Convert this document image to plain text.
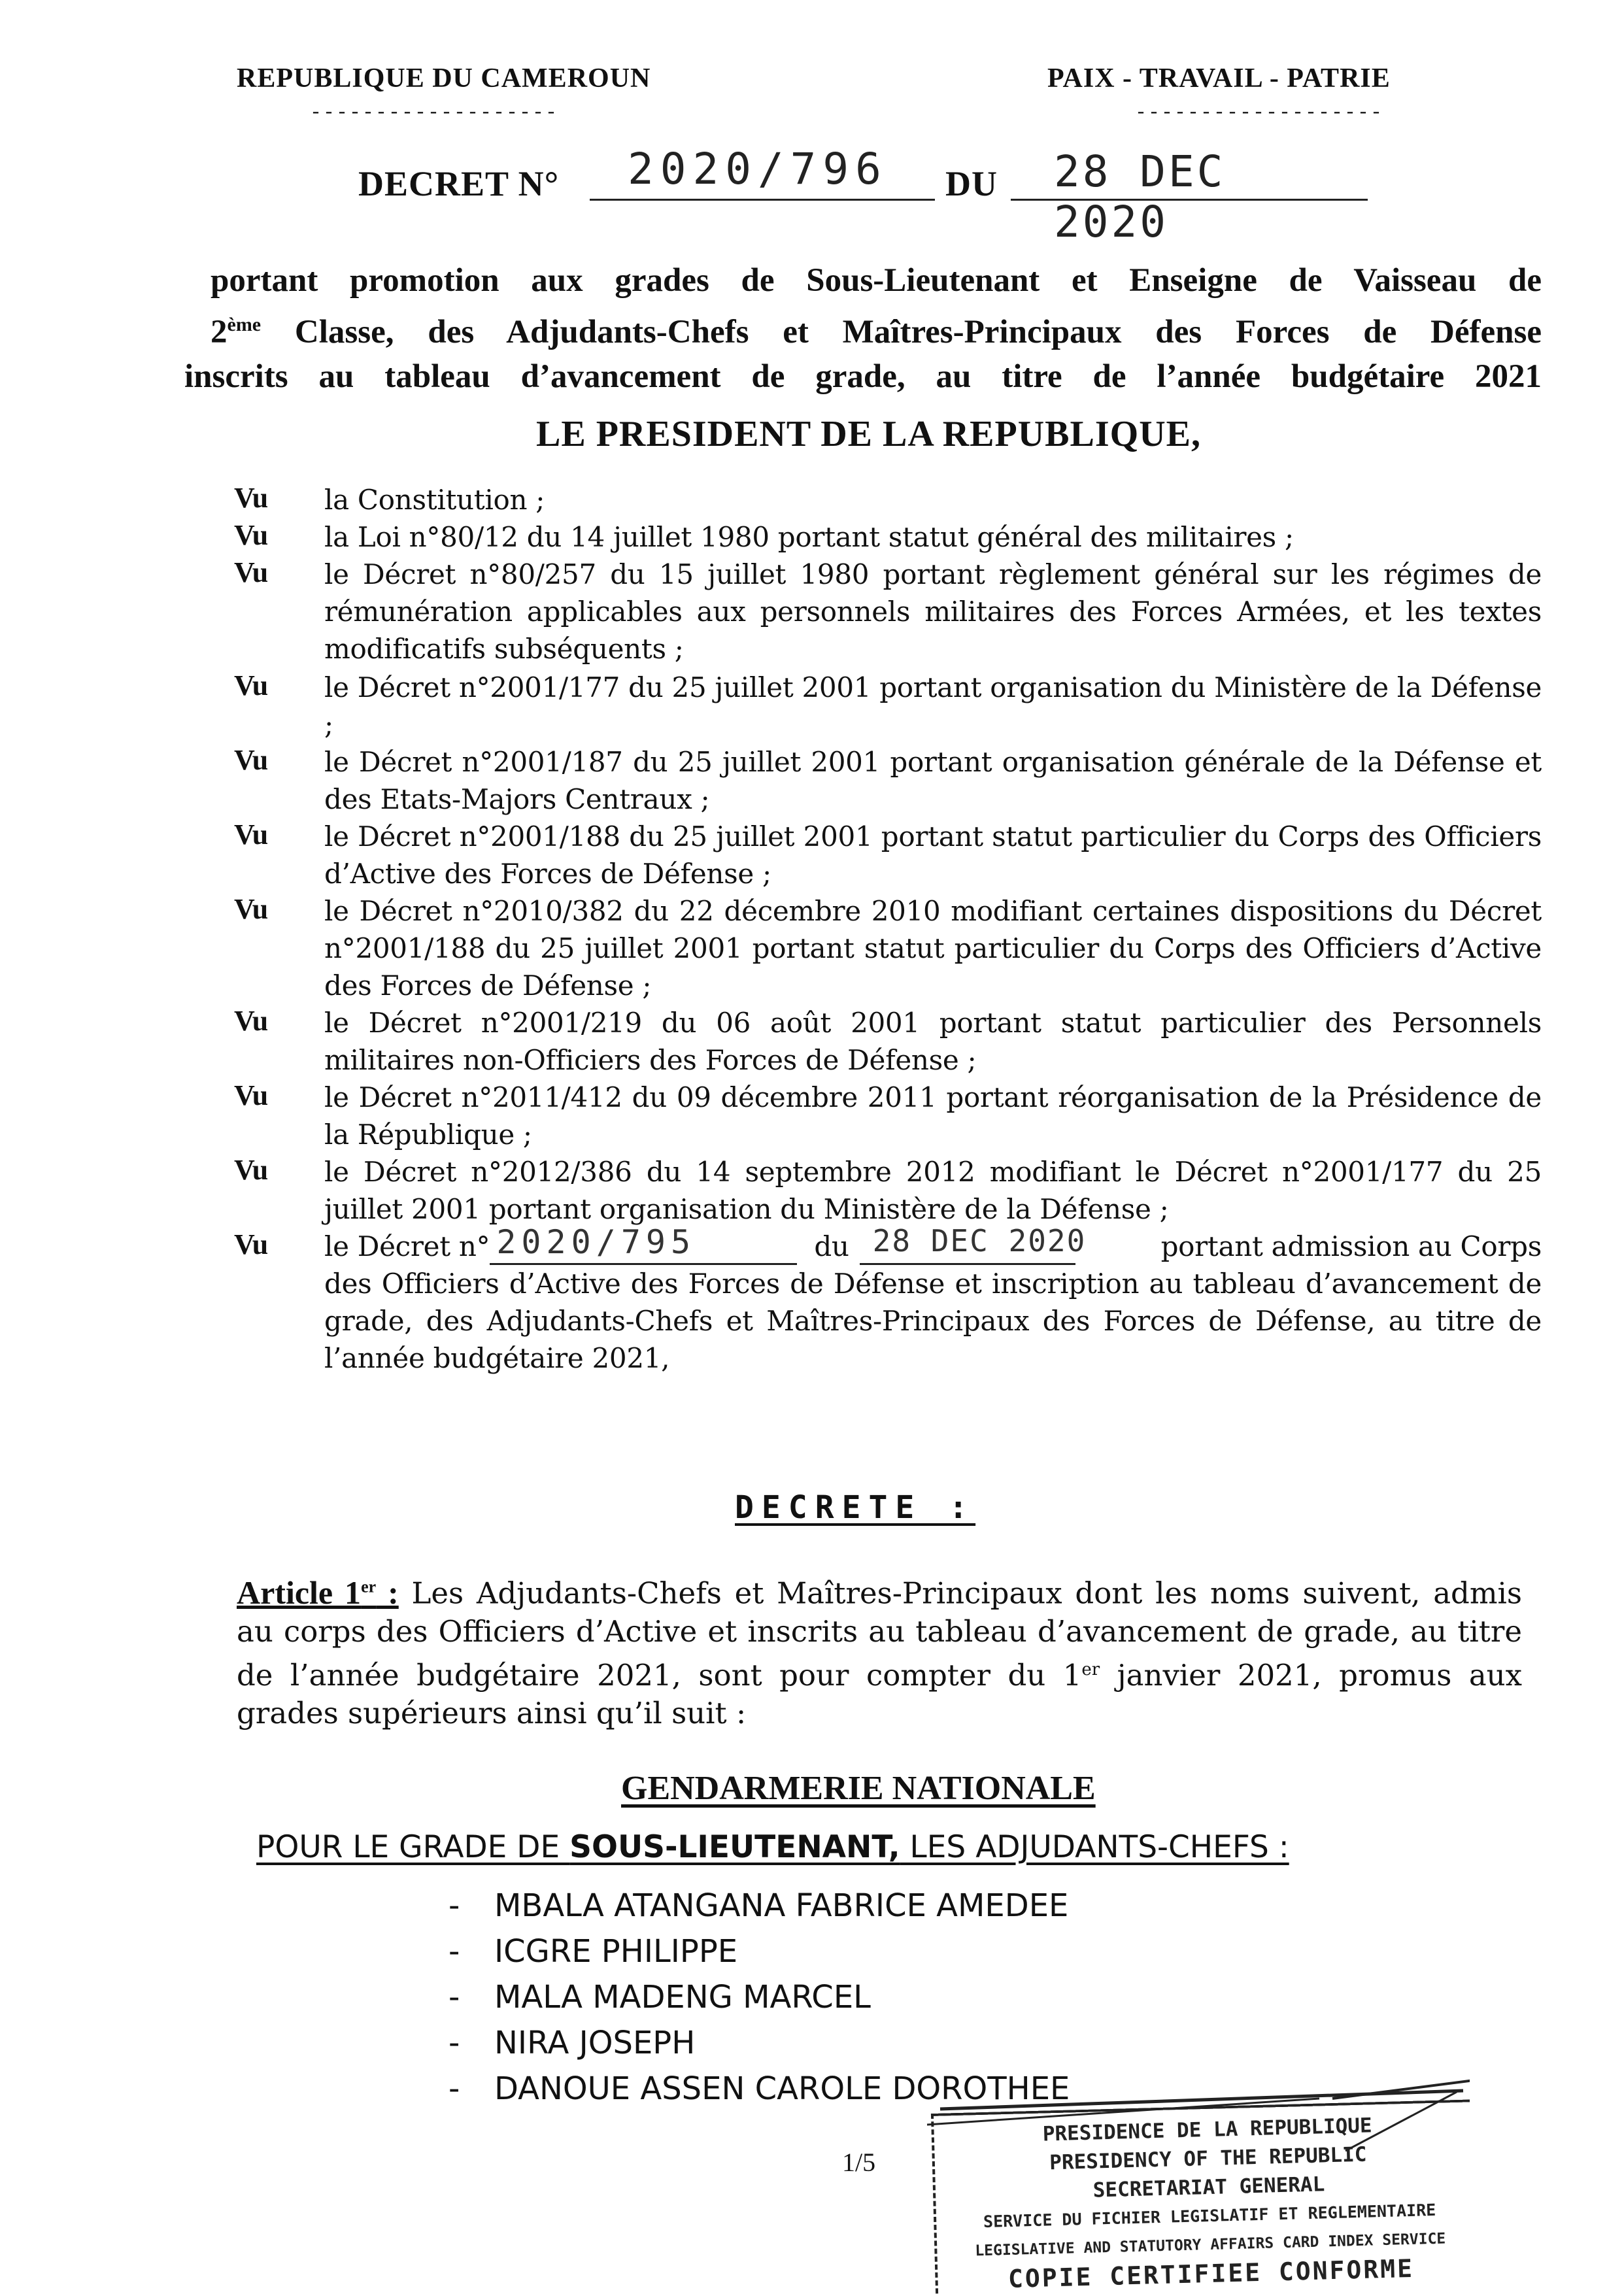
REPUBLIQUE DU CAMEROUN
-------------------
PAIX - TRAVAIL - PATRIE
-------------------
DECRET N° 2020/796 DU 28 DEC 2020
portant promotion aux grades de Sous-Lieutenant et Enseigne de Vaisseau de
2ème Classe, des Adjudants-Chefs et Maîtres-Principaux des Forces de Défense
inscrits au tableau d’avancement de grade, au titre de l’année budgétaire 2021
LE PRESIDENT DE LA REPUBLIQUE,
Vu	la Constitution ;
Vu	la Loi n°80/12 du 14 juillet 1980 portant statut général des militaires ;
Vu	le Décret n°80/257 du 15 juillet 1980 portant règlement général sur les régimes de rémunération applicables aux personnels militaires des Forces Armées, et les textes modificatifs subséquents ;
Vu	le Décret n°2001/177 du 25 juillet 2001 portant organisation du Ministère de la Défense ;
Vu	le Décret n°2001/187 du 25 juillet 2001 portant organisation générale de la Défense et des Etats-Majors Centraux ;
Vu	le Décret n°2001/188 du 25 juillet 2001 portant statut particulier du Corps des Officiers d’Active des Forces de Défense ;
Vu	le Décret n°2010/382 du 22 décembre 2010 modifiant certaines dispositions du Décret n°2001/188 du 25 juillet 2001 portant statut particulier du Corps des Officiers d’Active des Forces de Défense ;
Vu	le Décret n°2001/219 du 06 août 2001 portant statut particulier des Personnels militaires non-Officiers des Forces de Défense ;
Vu	le Décret n°2011/412 du 09 décembre 2011 portant réorganisation de la Présidence de la République ;
Vu	le Décret n°2012/386 du 14 septembre 2012 modifiant le Décret n°2001/177 du 25 juillet 2001 portant organisation du Ministère de la Défense ;
Vu	le Décret n° 2020/795	du 28 DEC 2020	portant admission au Corps
des Officiers d’Active des Forces de Défense et inscription au tableau d’avancement de grade, des Adjudants-Chefs et Maîtres-Principaux des Forces de Défense, au titre de l’année budgétaire 2021,
DECRETE :
Article 1er : Les Adjudants-Chefs et Maîtres-Principaux dont les noms suivent, admis au corps des Officiers d’Active et inscrits au tableau d’avancement de grade, au titre de l’année budgétaire 2021, sont pour compter du 1er janvier 2021, promus aux grades supérieurs ainsi qu’il suit :
GENDARMERIE NATIONALE
POUR LE GRADE DE SOUS-LIEUTENANT, LES ADJUDANTS-CHEFS :
- MBALA ATANGANA FABRICE AMEDEE
- ICGRE PHILIPPE
- MALA MADENG MARCEL
- NIRA JOSEPH
- DANOUE ASSEN CAROLE DOROTHEE
1/5
PRESIDENCE DE LA REPUBLIQUE
PRESIDENCY OF THE REPUBLIC
SECRETARIAT GENERAL
SERVICE DU FICHIER LEGISLATIF ET REGLEMENTAIRE
LEGISLATIVE AND STATUTORY AFFAIRS CARD INDEX SERVICE
COPIE CERTIFIEE CONFORME
